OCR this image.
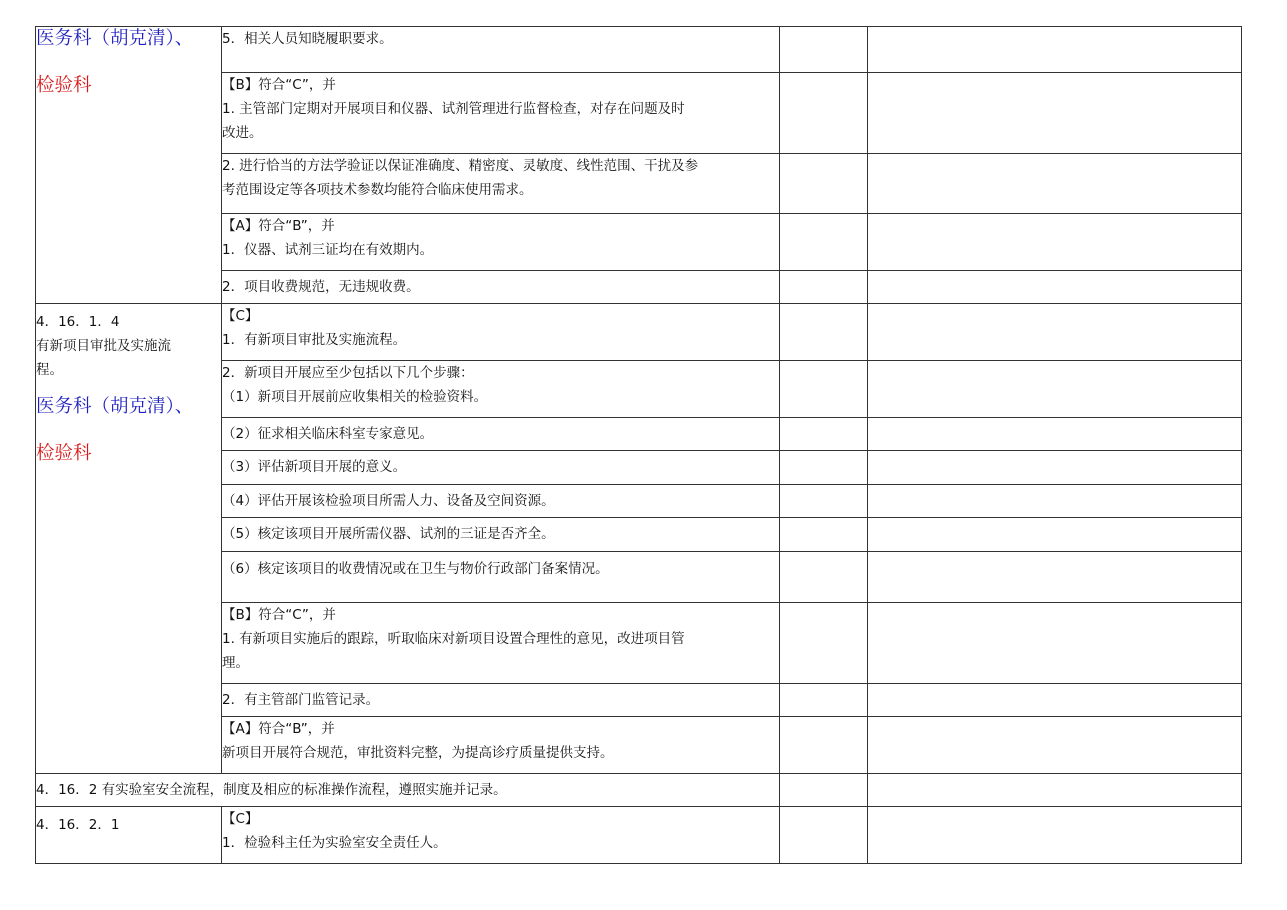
医务科（胡克清）、
检验科	5．相关人员知晓履职要求。		

	【B】符合“C”，并
1. 主管部门定期对开展项目和仪器、试剂管理进行监督检查，对存在问题及时
改进。		

	2. 进行恰当的方法学验证以保证准确度、精密度、灵敏度、线性范围、干扰及参
考范围设定等各项技术参数均能符合临床使用需求。		

	【A】符合“B”，并
1．仪器、试剂三证均在有效期内。		

	2．项目收费规范，无违规收费。		

4．16．1．4
有新项目审批及实施流
程。
医务科（胡克清）、
检验科	【C】
1．有新项目审批及实施流程。		

	2．新项目开展应至少包括以下几个步骤：
（1）新项目开展前应收集相关的检验资料。		

	（2）征求相关临床科室专家意见。		

	（3）评估新项目开展的意义。		

	（4）评估开展该检验项目所需人力、设备及空间资源。		

	（5）核定该项目开展所需仪器、试剂的三证是否齐全。		

	（6）核定该项目的收费情况或在卫生与物价行政部门备案情况。		

	【B】符合“C”，并
1. 有新项目实施后的跟踪，听取临床对新项目设置合理性的意见，改进项目管
理。		

	2．有主管部门监管记录。		

	【A】符合“B”，并
新项目开展符合规范，审批资料完整，为提高诊疗质量提供支持。		

4．16．2 有实验室安全流程，制度及相应的标准操作流程，遵照实施并记录。			

4．16．2．1	【C】
1．检验科主任为实验室安全责任人。		
